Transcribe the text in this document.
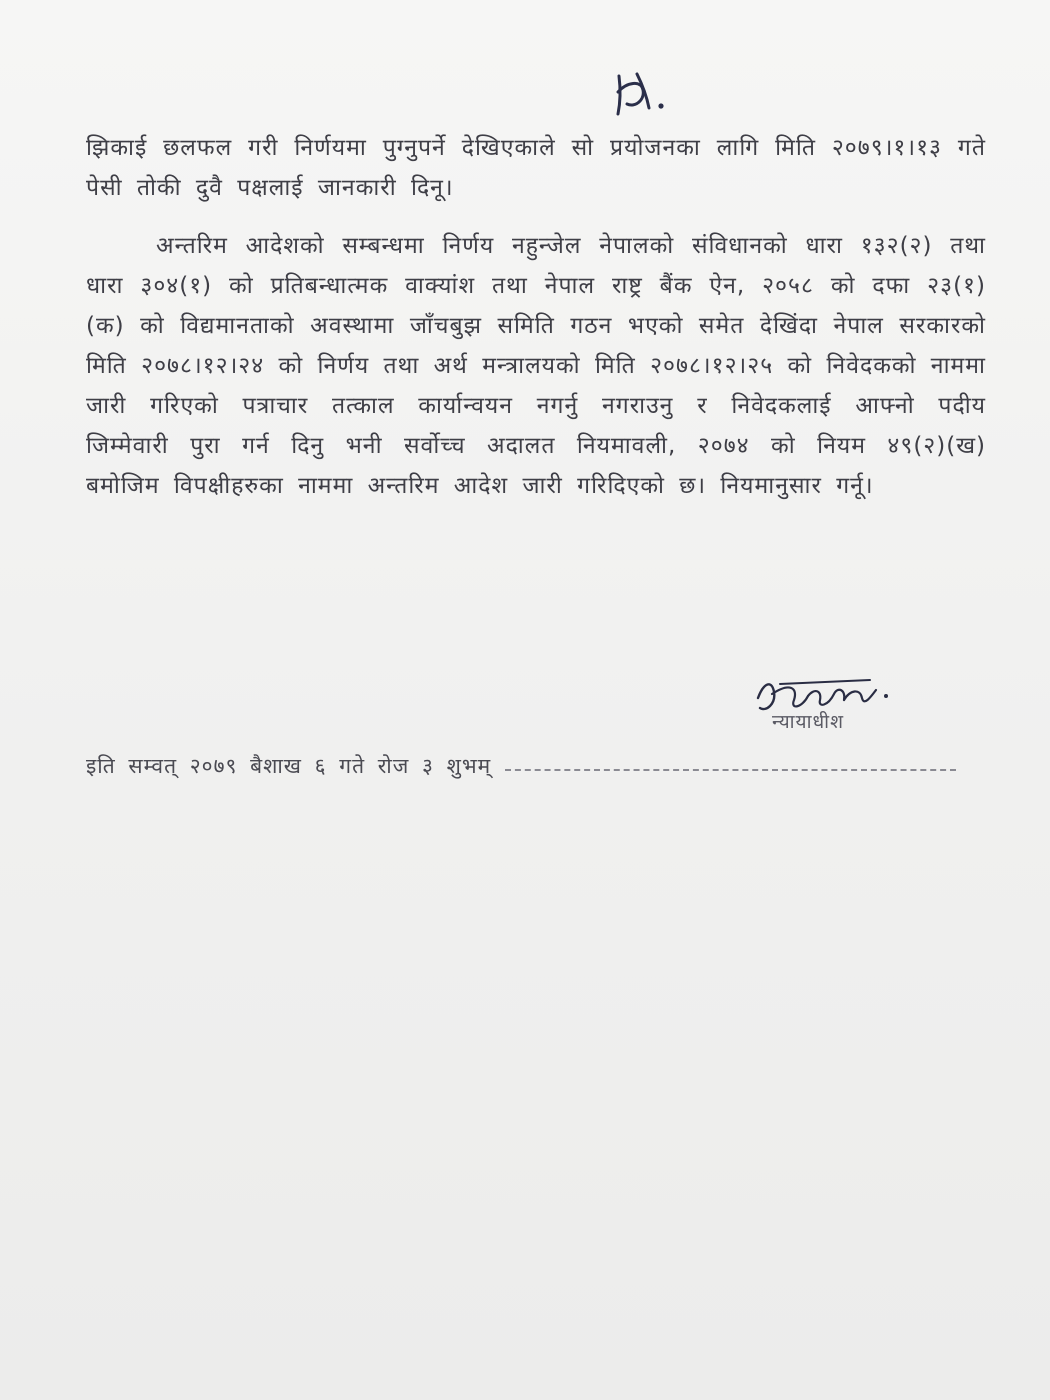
झिकाई छलफल गरी निर्णयमा पुग्नुपर्ने देखिएकाले सो प्रयोजनका लागि मिति २०७९।१।१३ गते पेसी तोकी दुवै पक्षलाई जानकारी दिनू।

अन्तरिम आदेशको सम्बन्धमा निर्णय नहुन्जेल नेपालको संविधानको धारा १३२(२) तथा धारा ३०४(१) को प्रतिबन्धात्मक वाक्यांश तथा नेपाल राष्ट्र बैंक ऐन, २०५८ को दफा २३(१)(क) को विद्यमानताको अवस्थामा जाँचबुझ समिति गठन भएको समेत देखिंदा नेपाल सरकारको मिति २०७८।१२।२४ को निर्णय तथा अर्थ मन्त्रालयको मिति २०७८।१२।२५ को निवेदकको नाममा जारी गरिएको पत्राचार तत्काल कार्यान्वयन नगर्नु नगराउनु र निवेदकलाई आफ्नो पदीय जिम्मेवारी पुरा गर्न दिनु भनी सर्वोच्च अदालत नियमावली, २०७४ को नियम ४९(२)(ख) बमोजिम विपक्षीहरुका नाममा अन्तरिम आदेश जारी गरिदिएको छ। नियमानुसार गर्नू।

न्यायाधीश
इति सम्वत् २०७९ बैशाख ६ गते रोज ३ शुभम्
